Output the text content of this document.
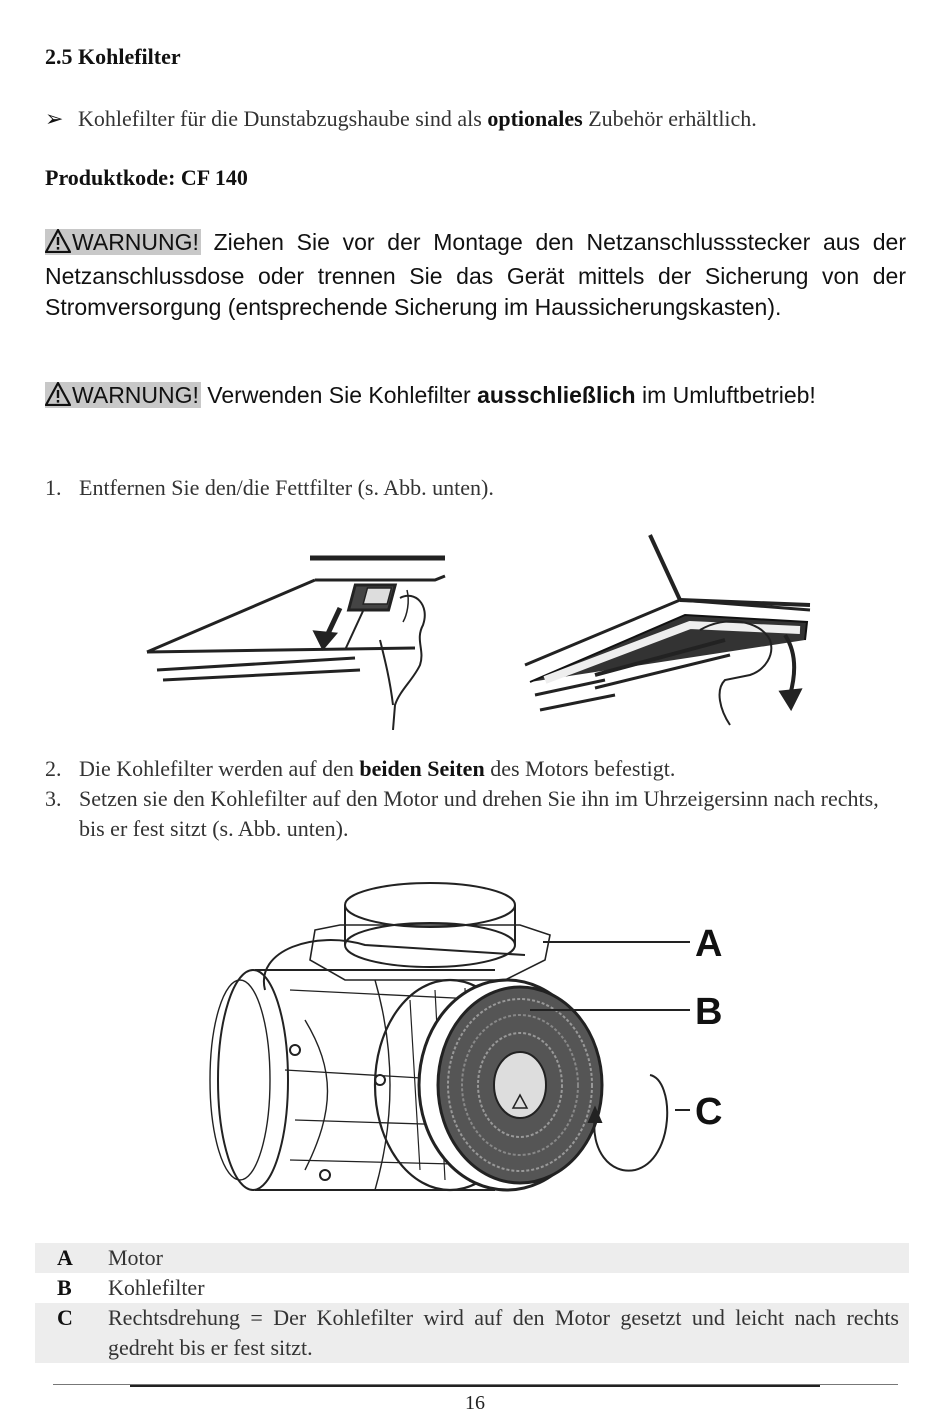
2.5 Kohlefilter
➢ Kohlefilter für die Dunstabzugshaube sind als optionales Zubehör erhältlich.
Produktkode: CF 140
WARNUNG! Ziehen Sie vor der Montage den Netzanschlussstecker aus der Netzanschlussdose oder trennen Sie das Gerät mittels der Sicherung von der Stromversorgung (entsprechende Sicherung im Haussicherungskasten).
WARNUNG! Verwenden Sie Kohlefilter ausschließlich im Umluftbetrieb!
1. Entfernen Sie den/die Fettfilter (s. Abb. unten).
2. Die Kohlefilter werden auf den beiden Seiten des Motors befestigt.
3. Setzen sie den Kohlefilter auf den Motor und drehen Sie ihn im Uhrzeigersinn nach rechts, bis er fest sitzt (s. Abb. unten).
A
B
C
A Motor
B Kohlefilter
C Rechtsdrehung = Der Kohlefilter wird auf den Motor gesetzt und leicht nach rechts gedreht bis er fest sitzt.
16
